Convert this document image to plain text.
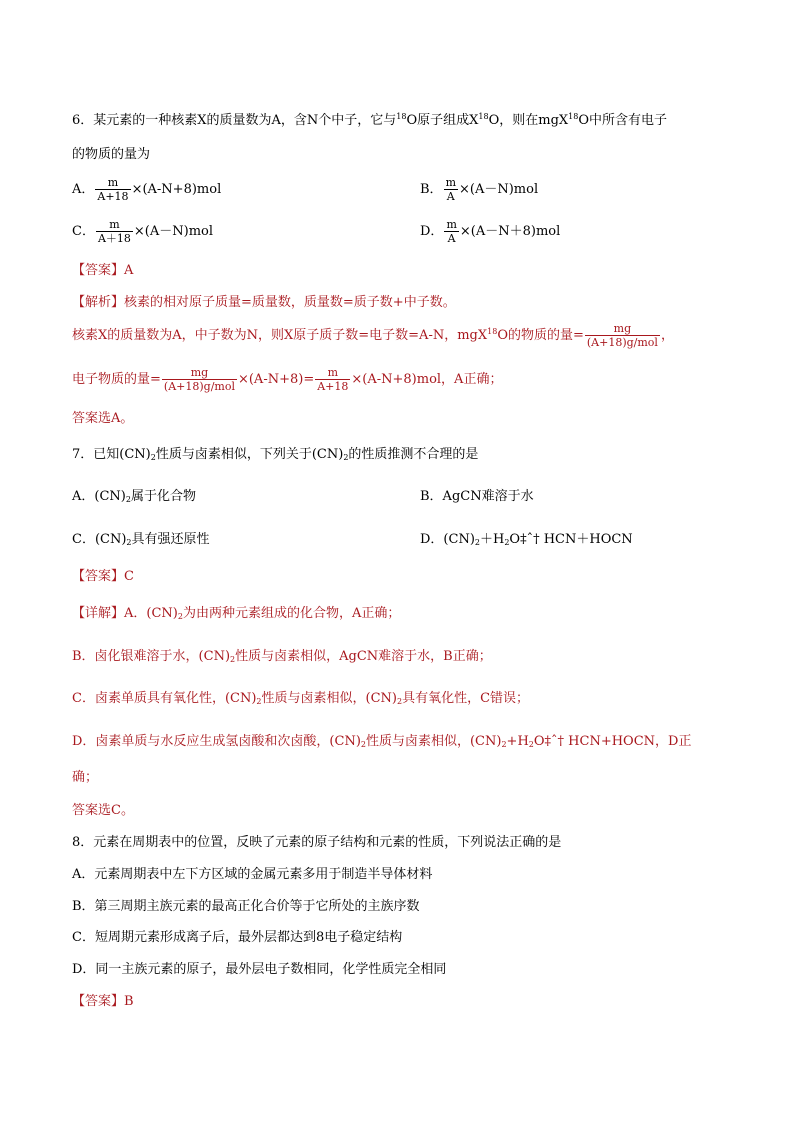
6．某元素的一种核素X的质量数为A，含N个中子，它与$^{18}$O原子组成$X^{18}O$，则在mgX$^{18}$O中所含有电子
的物质的量为
A． $\frac{m}{A+18} \times(A-N+8)mol$	B． $\frac{m}{A} \times(A-N)mol$
C． $\frac{m}{A+18} \times(A-N)mol$	D． $\frac{m}{A} \times(A-N+8)mol$
【答案】A
【解析】核素的相对原子质量=质量数，质量数=质子数+中子数。
核素X的质量数为A，中子数为N，则X原子质子数=电子数=A-N，mgX$^{18}$O的物质的量= $\frac{mg}{\text{(A+18)g/mol}}$ ，
电子物质的量= $\frac{mg}{\text{(A+18)g/mol}} \times(A-N+8)= \frac{m}{A+18} \times(A-N+8)mol$，A正确；
答案选A。
7．已知$(CN)_2$性质与卤素相似，下列关于$(CN)_2$的性质推测不合理的是
A．$(CN)_2$属于化合物	B．AgCN难溶于水
C．$(CN)_2$具有强还原性	D．$(CN)_2+H_2O\ddagger ˆ\dagger$ HCN＋HOCN
【答案】C
【详解】A．$(CN)_2$为由两种元素组成的化合物，A正确；
B．卤化银难溶于水，$(CN)_2$性质与卤素相似，AgCN难溶于水，B正确；
C．卤素单质具有氧化性，$(CN)_2$性质与卤素相似，$(CN)_2$具有氧化性，C错误；
D．卤素单质与水反应生成氢卤酸和次卤酸，$(CN)_2$性质与卤素相似，$(CN)_2+H_2O\ddagger ˆ\dagger$ HCN+HOCN，D正
确；
答案选C。
8．元素在周期表中的位置，反映了元素的原子结构和元素的性质，下列说法正确的是
A．元素周期表中左下方区域的金属元素多用于制造半导体材料
B．第三周期主族元素的最高正化合价等于它所处的主族序数
C．短周期元素形成离子后，最外层都达到8电子稳定结构
D．同一主族元素的原子，最外层电子数相同，化学性质完全相同
【答案】B
